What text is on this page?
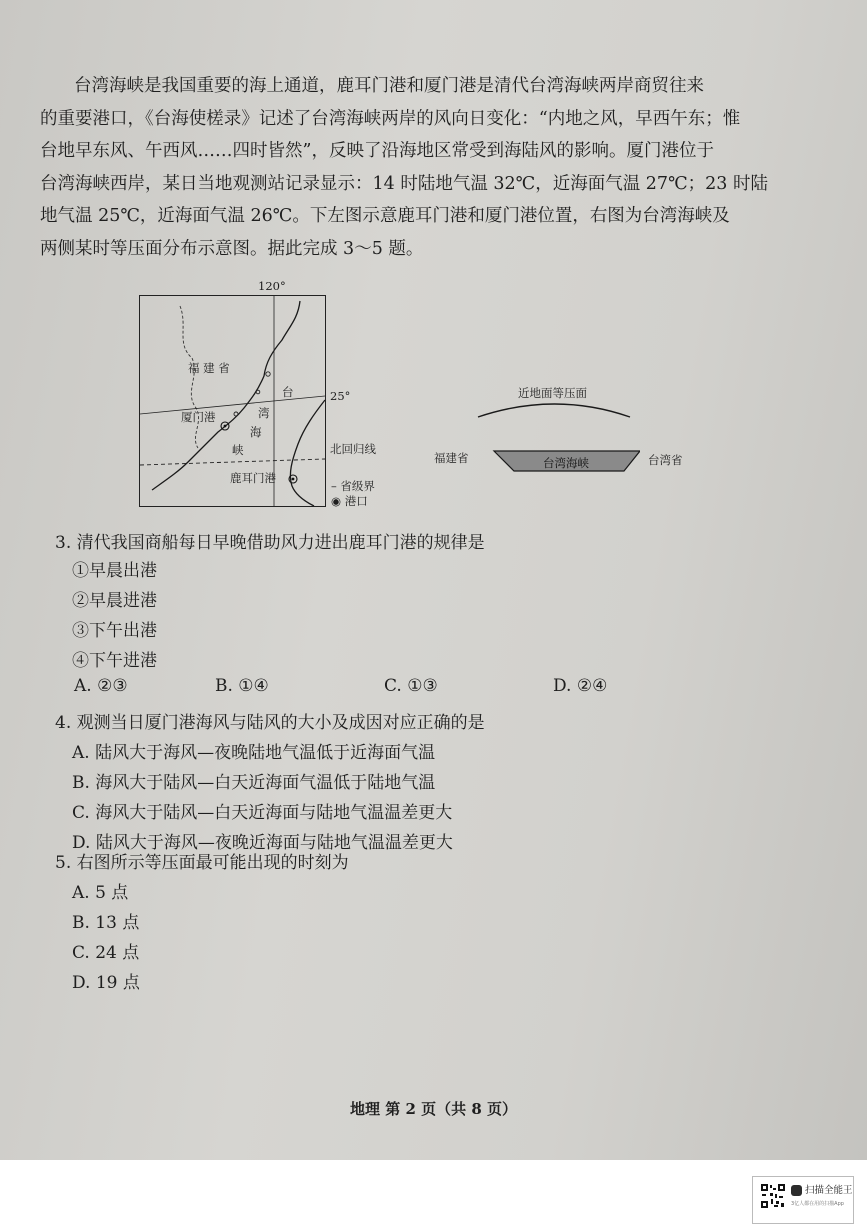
台湾海峡是我国重要的海上通道，鹿耳门港和厦门港是清代台湾海峡两岸商贸往来

的重要港口，《台海使槎录》记述了台湾海峡两岸的风向日变化：“内地之风，早西午东；惟

台地早东风、午西风……四时皆然”，反映了沿海地区常受到海陆风的影响。厦门港位于

台湾海峡西岸，某日当地观测站记录显示：14 时陆地气温 32℃，近海面气温 27℃；23 时陆

地气温 25℃，近海面气温 26℃。下左图示意鹿耳门港和厦门港位置，右图为台湾海峡及

两侧某时等压面分布示意图。据此完成 3～5 题。

120°
福 建 省
台	25°
湾
海
峡
厦门港
北回归线
鹿耳门港
– 省级界
◉ 港口
近地面等压面
福建省	台湾海峡	台湾省
3. 清代我国商船每日早晚借助风力进出鹿耳门港的规律是
①早晨出港
②早晨进港
③下午出港
④下午进港
A. ②③	B. ①④	C. ①③	D. ②④
4. 观测当日厦门港海风与陆风的大小及成因对应正确的是
A. 陆风大于海风—夜晚陆地气温低于近海面气温
B. 海风大于陆风—白天近海面气温低于陆地气温
C. 海风大于陆风—白天近海面与陆地气温温差更大
D. 陆风大于海风—夜晚近海面与陆地气温温差更大
5. 右图所示等压面最可能出现的时刻为
A. 5 点
B. 13 点
C. 24 点
D. 19 点
地理 第 2 页（共 8 页）
扫描全能王
3亿人都在用的扫描App
